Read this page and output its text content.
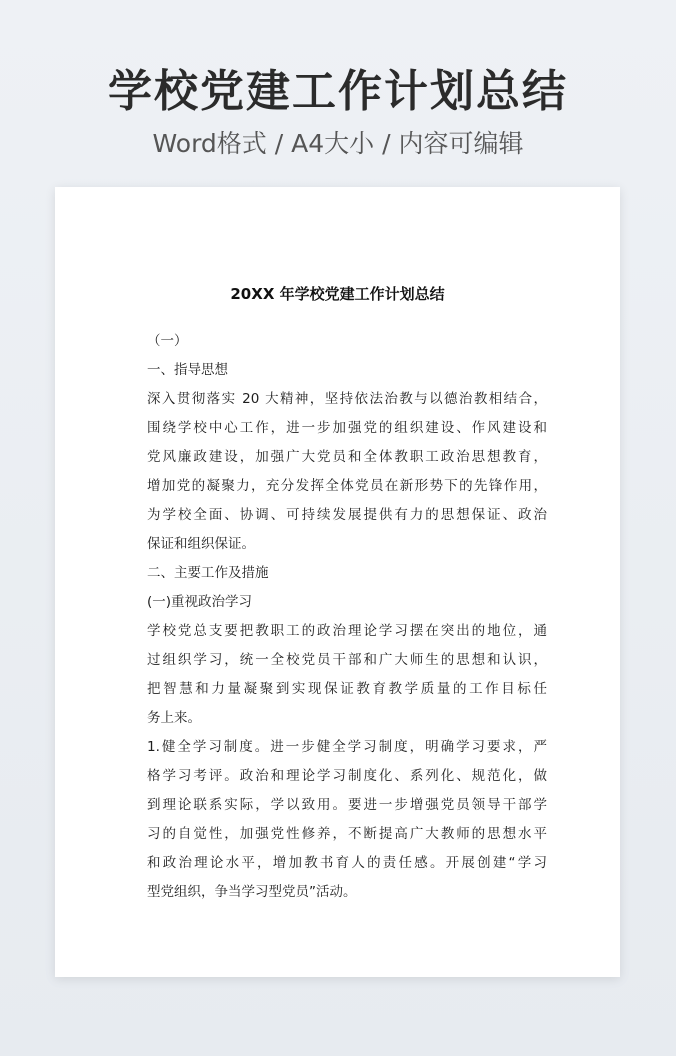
学校党建工作计划总结
Word格式 / A4大小 / 内容可编辑
20XX 年学校党建工作计划总结
（一）
一、指导思想
深入贯彻落实 20 大精神，坚持依法治教与以德治教相结合，
围绕学校中心工作，进一步加强党的组织建设、作风建设和
党风廉政建设，加强广大党员和全体教职工政治思想教育，
增加党的凝聚力，充分发挥全体党员在新形势下的先锋作用，
为学校全面、协调、可持续发展提供有力的思想保证、政治
保证和组织保证。
二、主要工作及措施
(一)重视政治学习
学校党总支要把教职工的政治理论学习摆在突出的地位，通
过组织学习，统一全校党员干部和广大师生的思想和认识，
把智慧和力量凝聚到实现保证教育教学质量的工作目标任
务上来。
1.健全学习制度。进一步健全学习制度，明确学习要求，严
格学习考评。政治和理论学习制度化、系列化、规范化，做
到理论联系实际，学以致用。要进一步增强党员领导干部学
习的自觉性，加强党性修养，不断提高广大教师的思想水平
和政治理论水平，增加教书育人的责任感。开展创建“学习
型党组织，争当学习型党员”活动。
